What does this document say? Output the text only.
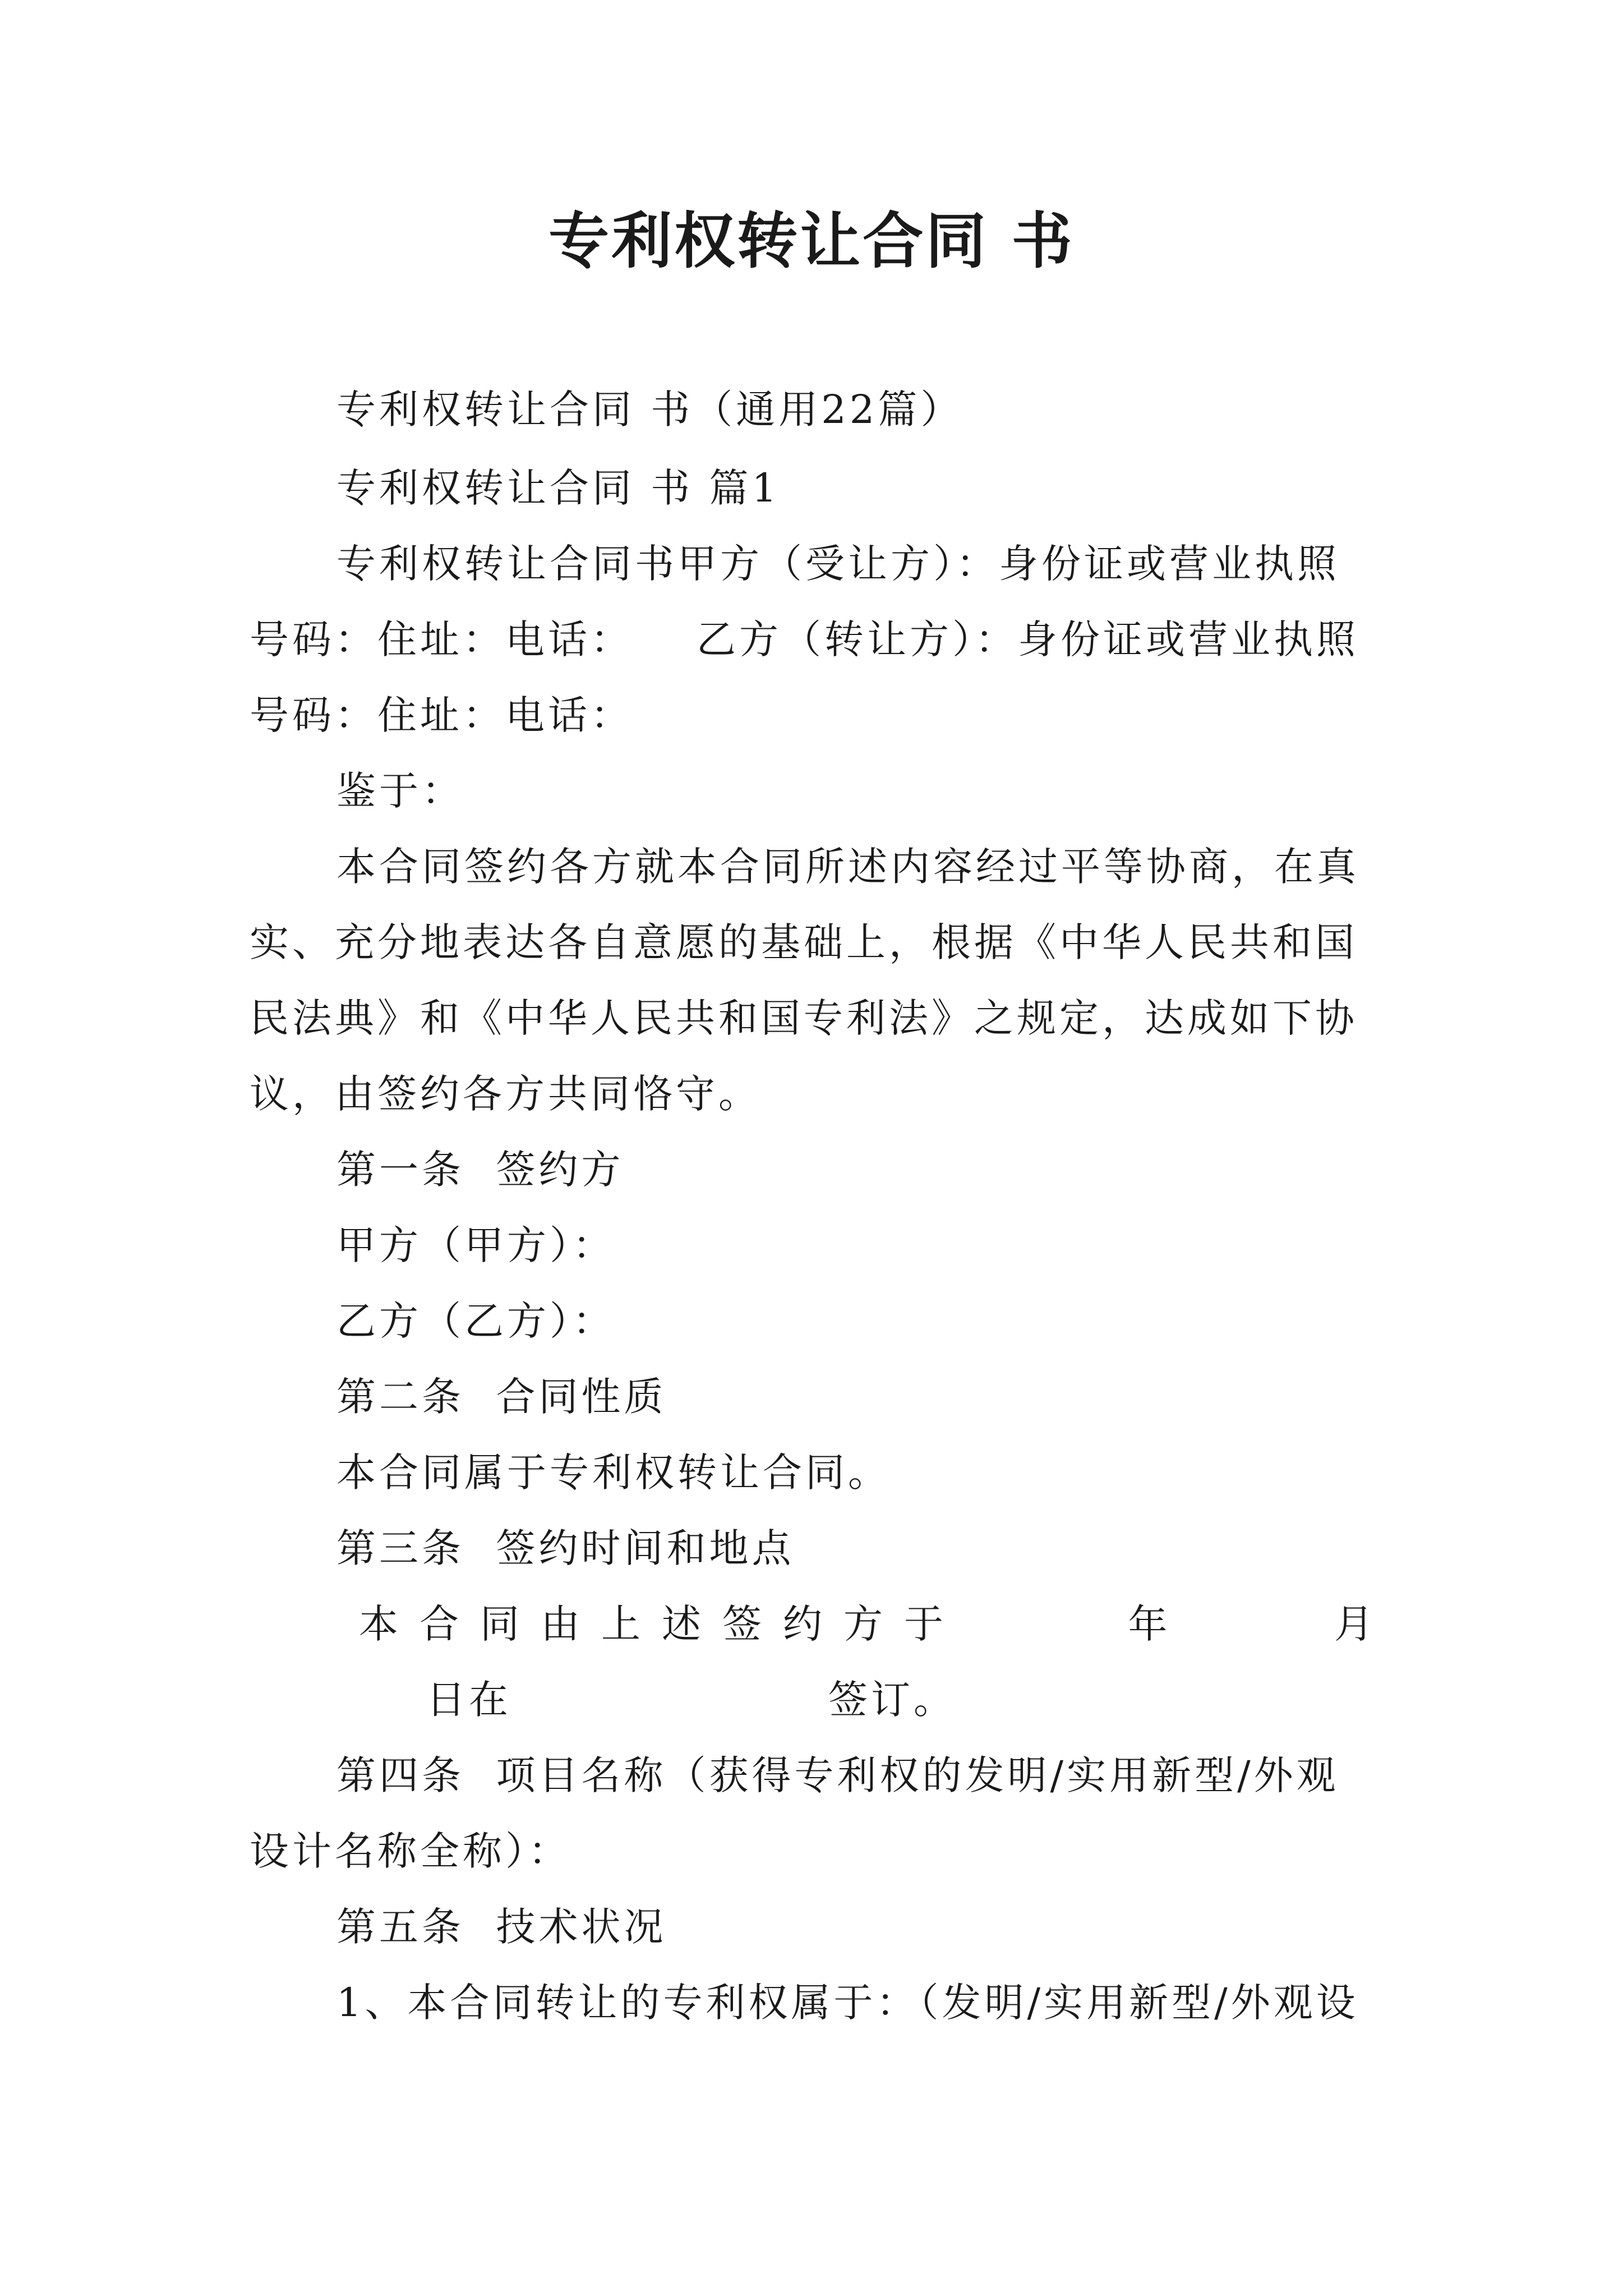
专利权转让合同 书
专利权转让合同 书（通用22篇）
专利权转让合同 书 篇1
专利权转让合同书甲方（受让方）：身份证或营业执照
号码：住址：电话：    乙方（转让方）：身份证或营业执照
号码：住址：电话：
鉴于：
本合同签约各方就本合同所述内容经过平等协商，在真
实、充分地表达各自意愿的基础上，根据《中华人民共和国
民法典》和《中华人民共和国专利法》之规定，达成如下协
议，由签约各方共同恪守。
第一条  签约方
甲方（甲方）：
乙方（乙方）：
第二条  合同性质
本合同属于专利权转让合同。
第三条  签约时间和地点
本合同由上述签约方于	年	月
日在                    签订。
第四条  项目名称（获得专利权的发明/实用新型/外观
设计名称全称）：
第五条  技术状况
1、本合同转让的专利权属于：（发明/实用新型/外观设
